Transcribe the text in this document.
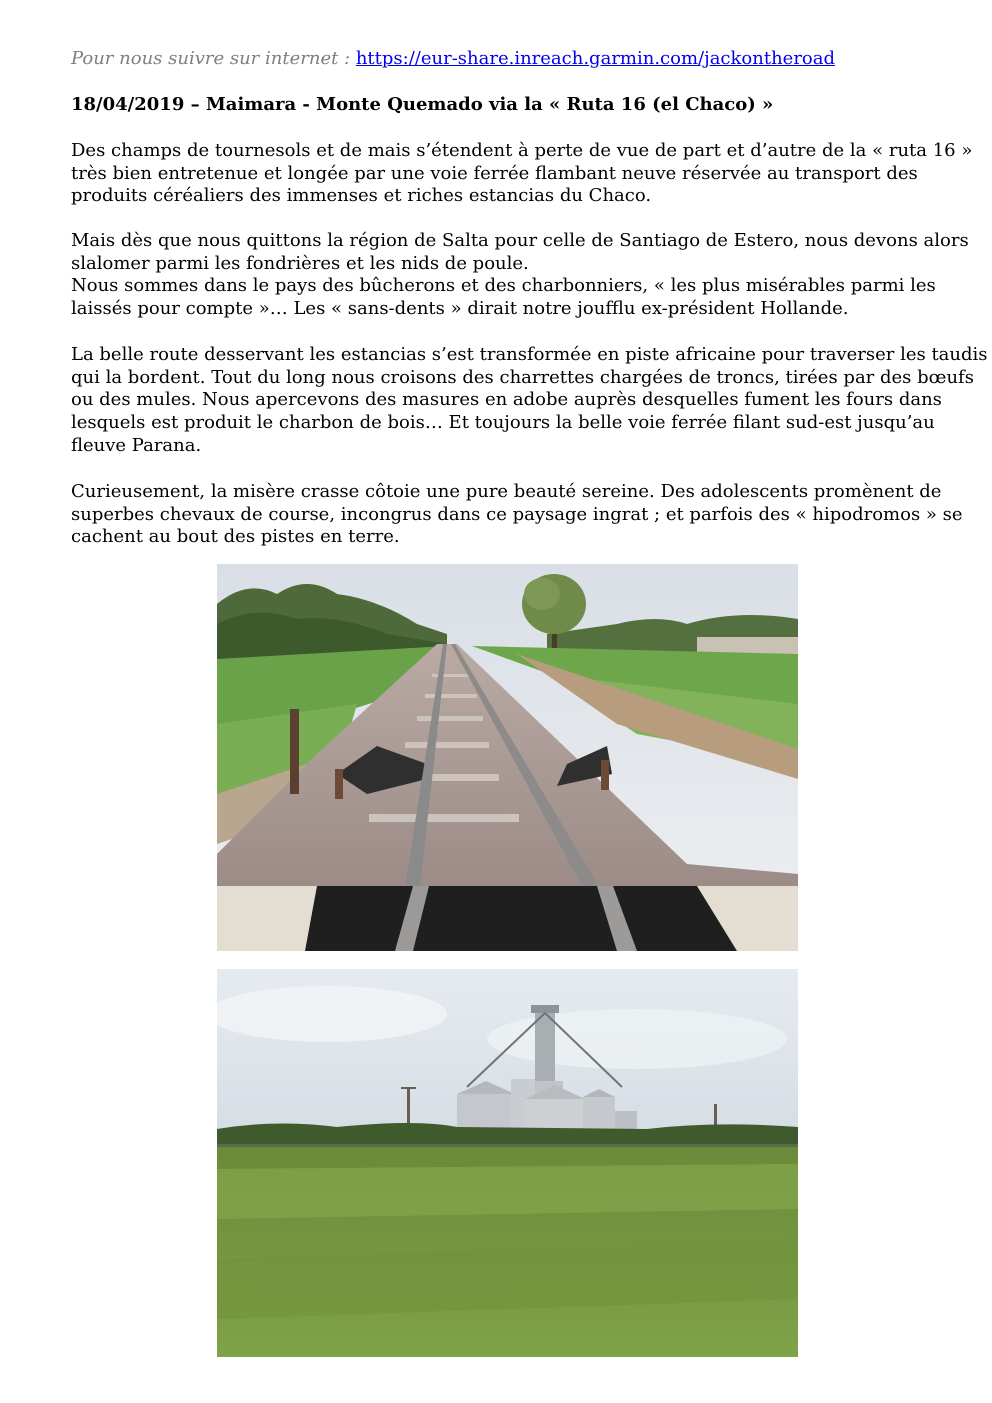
Pour nous suivre sur internet : https://eur-share.inreach.garmin.com/jackontheroad
18/04/2019 – Maimara - Monte Quemado via la « Ruta 16 (el Chaco) »

Des champs de tournesols et de mais s’étendent à perte de vue de part et d’autre de la « ruta 16 »
très bien entretenue et longée par une voie ferrée flambant neuve réservée au transport des
produits céréaliers des immenses et riches estancias du Chaco.

Mais dès que nous quittons la région de Salta pour celle de Santiago de Estero, nous devons alors
slalomer parmi les fondrières et les nids de poule.
Nous sommes dans le pays des bûcherons et des charbonniers, « les plus misérables parmi les
laissés pour compte »… Les « sans-dents » dirait notre joufflu ex-président Hollande.

La belle route desservant les estancias s’est transformée en piste africaine pour traverser les taudis
qui la bordent. Tout du long nous croisons des charrettes chargées de troncs, tirées par des bœufs
ou des mules. Nous apercevons des masures en adobe auprès desquelles fument les fours dans
lesquels est produit le charbon de bois… Et toujours la belle voie ferrée filant sud-est jusqu’au
fleuve Parana.

Curieusement, la misère crasse côtoie une pure beauté sereine. Des adolescents promènent de
superbes chevaux de course, incongrus dans ce paysage ingrat ; et parfois des « hipodromos » se
cachent au bout des pistes en terre.
